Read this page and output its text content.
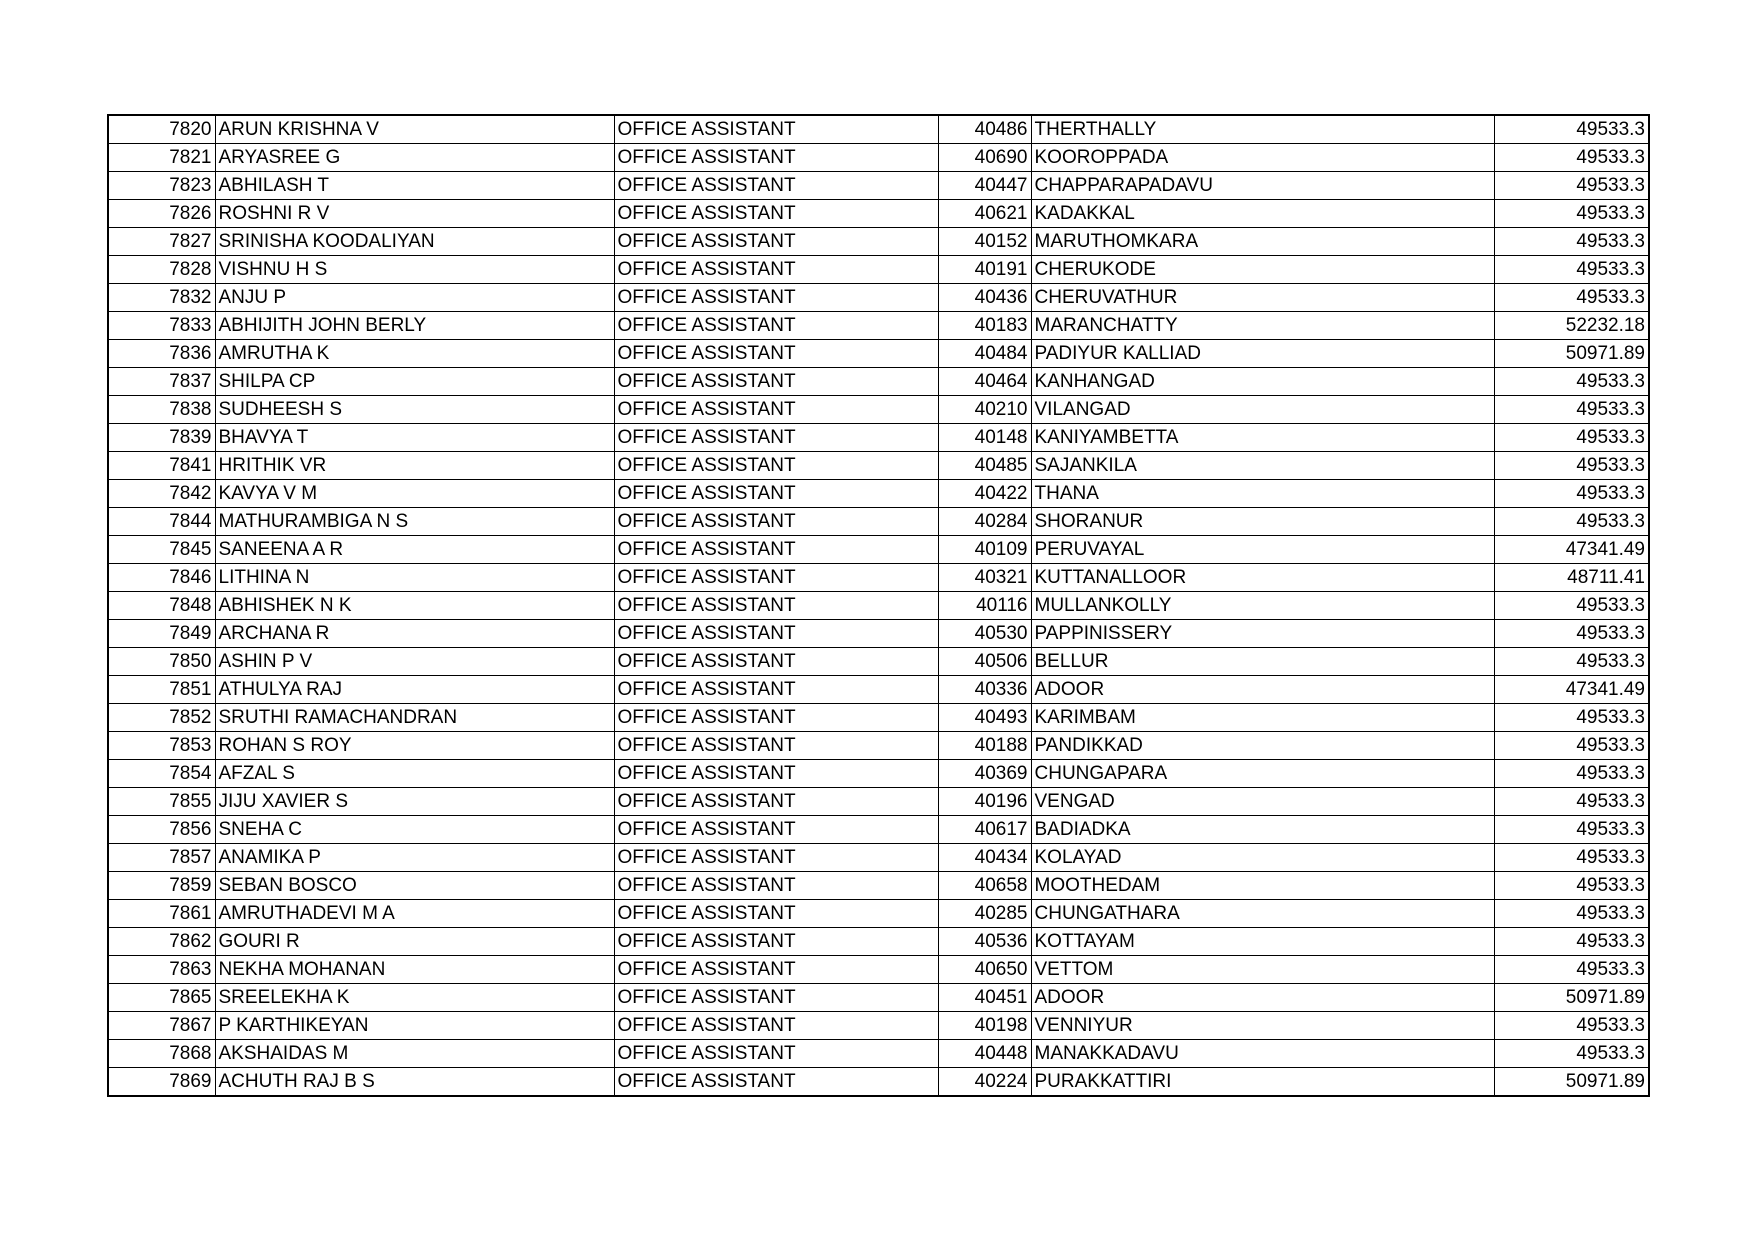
7820	ARUN KRISHNA V	OFFICE ASSISTANT	40486	THERTHALLY	49533.3
7821	ARYASREE G	OFFICE ASSISTANT	40690	KOOROPPADA	49533.3
7823	ABHILASH T	OFFICE ASSISTANT	40447	CHAPPARAPADAVU	49533.3
7826	ROSHNI R V	OFFICE ASSISTANT	40621	KADAKKAL	49533.3
7827	SRINISHA KOODALIYAN	OFFICE ASSISTANT	40152	MARUTHOMKARA	49533.3
7828	VISHNU H S	OFFICE ASSISTANT	40191	CHERUKODE	49533.3
7832	ANJU P	OFFICE ASSISTANT	40436	CHERUVATHUR	49533.3
7833	ABHIJITH JOHN BERLY	OFFICE ASSISTANT	40183	MARANCHATTY	52232.18
7836	AMRUTHA K	OFFICE ASSISTANT	40484	PADIYUR KALLIAD	50971.89
7837	SHILPA CP	OFFICE ASSISTANT	40464	KANHANGAD	49533.3
7838	SUDHEESH S	OFFICE ASSISTANT	40210	VILANGAD	49533.3
7839	BHAVYA T	OFFICE ASSISTANT	40148	KANIYAMBETTA	49533.3
7841	HRITHIK VR	OFFICE ASSISTANT	40485	SAJANKILA	49533.3
7842	KAVYA V M	OFFICE ASSISTANT	40422	THANA	49533.3
7844	MATHURAMBIGA N S	OFFICE ASSISTANT	40284	SHORANUR	49533.3
7845	SANEENA A R	OFFICE ASSISTANT	40109	PERUVAYAL	47341.49
7846	LITHINA N	OFFICE ASSISTANT	40321	KUTTANALLOOR	48711.41
7848	ABHISHEK N K	OFFICE ASSISTANT	40116	MULLANKOLLY	49533.3
7849	ARCHANA R	OFFICE ASSISTANT	40530	PAPPINISSERY	49533.3
7850	ASHIN P V	OFFICE ASSISTANT	40506	BELLUR	49533.3
7851	ATHULYA RAJ	OFFICE ASSISTANT	40336	ADOOR	47341.49
7852	SRUTHI RAMACHANDRAN	OFFICE ASSISTANT	40493	KARIMBAM	49533.3
7853	ROHAN S ROY	OFFICE ASSISTANT	40188	PANDIKKAD	49533.3
7854	AFZAL S	OFFICE ASSISTANT	40369	CHUNGAPARA	49533.3
7855	JIJU XAVIER S	OFFICE ASSISTANT	40196	VENGAD	49533.3
7856	SNEHA C	OFFICE ASSISTANT	40617	BADIADKA	49533.3
7857	ANAMIKA P	OFFICE ASSISTANT	40434	KOLAYAD	49533.3
7859	SEBAN BOSCO	OFFICE ASSISTANT	40658	MOOTHEDAM	49533.3
7861	AMRUTHADEVI M A	OFFICE ASSISTANT	40285	CHUNGATHARA	49533.3
7862	GOURI R	OFFICE ASSISTANT	40536	KOTTAYAM	49533.3
7863	NEKHA MOHANAN	OFFICE ASSISTANT	40650	VETTOM	49533.3
7865	SREELEKHA K	OFFICE ASSISTANT	40451	ADOOR	50971.89
7867	P KARTHIKEYAN	OFFICE ASSISTANT	40198	VENNIYUR	49533.3
7868	AKSHAIDAS M	OFFICE ASSISTANT	40448	MANAKKADAVU	49533.3
7869	ACHUTH RAJ B S	OFFICE ASSISTANT	40224	PURAKKATTIRI	50971.89
